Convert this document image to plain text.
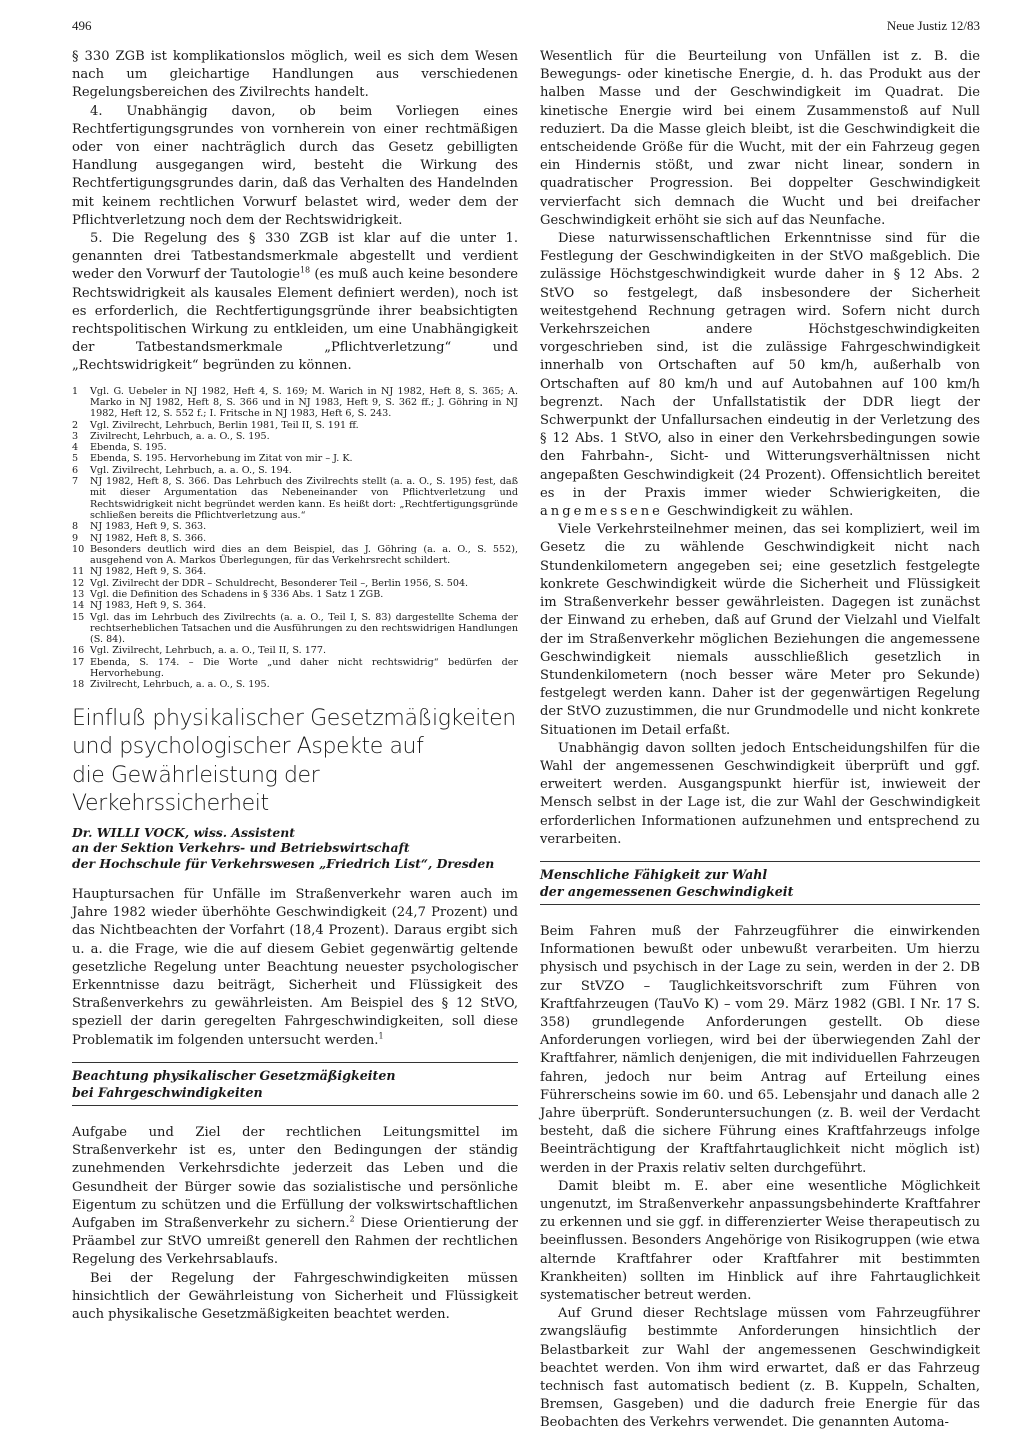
496	Neue Justiz 12/83

§ 330 ZGB ist komplikationslos möglich, weil es sich dem Wesen nach um gleichartige Handlungen aus verschiedenen Regelungsbereichen des Zivilrechts handelt.

4. Unabhängig davon, ob beim Vorliegen eines Rechtfertigungsgrundes von vornherein von einer rechtmäßigen oder von einer nachträglich durch das Gesetz gebilligten Handlung ausgegangen wird, besteht die Wirkung des Rechtfertigungsgrundes darin, daß das Verhalten des Handelnden mit keinem rechtlichen Vorwurf belastet wird, weder dem der Pflichtverletzung noch dem der Rechtswidrigkeit.

5. Die Regelung des § 330 ZGB ist klar auf die unter 1. genannten drei Tatbestandsmerkmale abgestellt und verdient weder den Vorwurf der Tautologie$^{18}$ (es muß auch keine besondere Rechtswidrigkeit als kausales Element definiert werden), noch ist es erforderlich, die Rechtfertigungsgründe ihrer beabsichtigten rechtspolitischen Wirkung zu entkleiden, um eine Unabhängigkeit der Tatbestandsmerkmale „Pflichtverletzung“ und „Rechtswidrigkeit“ begründen zu können.

1	Vgl. G. Uebeler in NJ 1982, Heft 4, S. 169; M. Warich in NJ 1982, Heft 8, S. 365; A. Marko in NJ 1982, Heft 8, S. 366 und in NJ 1983, Heft 9, S. 362 ff.; J. Göhring in NJ 1982, Heft 12, S. 552 f.; I. Fritsche in NJ 1983, Heft 6, S. 243.
2	Vgl. Zivilrecht, Lehrbuch, Berlin 1981, Teil II, S. 191 ff.
3	Zivilrecht, Lehrbuch, a. a. O., S. 195.
4	Ebenda, S. 195.
5	Ebenda, S. 195. Hervorhebung im Zitat von mir – J. K.
6	Vgl. Zivilrecht, Lehrbuch, a. a. O., S. 194.
7	NJ 1982, Heft 8, S. 366. Das Lehrbuch des Zivilrechts stellt (a. a. O., S. 195) fest, daß mit dieser Argumentation das Nebeneinander von Pflichtverletzung und Rechtswidrigkeit nicht begründet werden kann. Es heißt dort: „Rechtfertigungsgründe schließen bereits die Pflichtverletzung aus.“
8	NJ 1983, Heft 9, S. 363.
9	NJ 1982, Heft 8, S. 366.
10 Besonders deutlich wird dies an dem Beispiel, das J. Göhring (a. a. O., S. 552), ausgehend von A. Markos Überlegungen, für das Verkehrsrecht schildert.
11 NJ 1982, Heft 9, S. 364.
12 Vgl. Zivilrecht der DDR – Schuldrecht, Besonderer Teil –, Berlin 1956, S. 504.
13 Vgl. die Definition des Schadens in § 336 Abs. 1 Satz 1 ZGB.
14 NJ 1983, Heft 9, S. 364.
15 Vgl. das im Lehrbuch des Zivilrechts (a. a. O., Teil I, S. 83) dargestellte Schema der rechtserheblichen Tatsachen und die Ausführungen zu den rechtswidrigen Handlungen (S. 84).
16 Vgl. Zivilrecht, Lehrbuch, a. a. O., Teil II, S. 177.
17 Ebenda, S. 174. – Die Worte „und daher nicht rechtswidrig“ bedürfen der Hervorhebung.
18 Zivilrecht, Lehrbuch, a. a. O., S. 195.
Einfluß physikalischer Gesetzmäßigkeiten
und psychologischer Aspekte auf
die Gewährleistung der Verkehrssicherheit
Dr. WILLI VOCK, wiss. Assistent
an der Sektion Verkehrs- und Betriebswirtschaft
der Hochschule für Verkehrswesen „Friedrich List“, Dresden

Hauptursachen für Unfälle im Straßenverkehr waren auch im Jahre 1982 wieder überhöhte Geschwindigkeit (24,7 Prozent) und das Nichtbeachten der Vorfahrt (18,4 Prozent). Daraus ergibt sich u. a. die Frage, wie die auf diesem Gebiet gegenwärtig geltende gesetzliche Regelung unter Beachtung neuester psychologischer Erkenntnisse dazu beiträgt, Sicherheit und Flüssigkeit des Straßenverkehrs zu gewährleisten. Am Beispiel des § 12 StVO, speziell der darin geregelten Fahrgeschwindigkeiten, soll diese Problematik im folgenden untersucht werden.$^1$

Beachtung physikalischer Gesetzmäßigkeiten
bei Fahrgeschwindigkeiten

Aufgabe und Ziel der rechtlichen Leitungsmittel im Straßenverkehr ist es, unter den Bedingungen der ständig zunehmenden Verkehrsdichte jederzeit das Leben und die Gesundheit der Bürger sowie das sozialistische und persönliche Eigentum zu schützen und die Erfüllung der volkswirtschaftlichen Aufgaben im Straßenverkehr zu sichern.$^2$ Diese Orientierung der Präambel zur StVO umreißt generell den Rahmen der rechtlichen Regelung des Verkehrsablaufs.

Bei der Regelung der Fahrgeschwindigkeiten müssen hinsichtlich der Gewährleistung von Sicherheit und Flüssigkeit auch physikalische Gesetzmäßigkeiten beachtet werden.

Wesentlich für die Beurteilung von Unfällen ist z. B. die Bewegungs- oder kinetische Energie, d. h. das Produkt aus der halben Masse und der Geschwindigkeit im Quadrat. Die kinetische Energie wird bei einem Zusammenstoß auf Null reduziert. Da die Masse gleich bleibt, ist die Geschwindigkeit die entscheidende Größe für die Wucht, mit der ein Fahrzeug gegen ein Hindernis stößt, und zwar nicht linear, sondern in quadratischer Progression. Bei doppelter Geschwindigkeit vervierfacht sich demnach die Wucht und bei dreifacher Geschwindigkeit erhöht sie sich auf das Neunfache.

Diese naturwissenschaftlichen Erkenntnisse sind für die Festlegung der Geschwindigkeiten in der StVO maßgeblich. Die zulässige Höchstgeschwindigkeit wurde daher in § 12 Abs. 2 StVO so festgelegt, daß insbesondere der Sicherheit weitestgehend Rechnung getragen wird. Sofern nicht durch Verkehrszeichen andere Höchstgeschwindigkeiten vorgeschrieben sind, ist die zulässige Fahrgeschwindigkeit innerhalb von Ortschaften auf 50 km/h, außerhalb von Ortschaften auf 80 km/h und auf Autobahnen auf 100 km/h begrenzt. Nach der Unfallstatistik der DDR liegt der Schwerpunkt der Unfallursachen eindeutig in der Verletzung des § 12 Abs. 1 StVO, also in einer den Verkehrsbedingungen sowie den Fahrbahn-, Sicht- und Witterungsverhältnissen nicht angepaßten Geschwindigkeit (24 Prozent). Offensichtlich bereitet es in der Praxis immer wieder Schwierigkeiten, die angemessene Geschwindigkeit zu wählen.

Viele Verkehrsteilnehmer meinen, das sei kompliziert, weil im Gesetz die zu wählende Geschwindigkeit nicht nach Stundenkilometern angegeben sei; eine gesetzlich festgelegte konkrete Geschwindigkeit würde die Sicherheit und Flüssigkeit im Straßenverkehr besser gewährleisten. Dagegen ist zunächst der Einwand zu erheben, daß auf Grund der Vielzahl und Vielfalt der im Straßenverkehr möglichen Beziehungen die angemessene Geschwindigkeit niemals ausschließlich gesetzlich in Stundenkilometern (noch besser wäre Meter pro Sekunde) festgelegt werden kann. Daher ist der gegenwärtigen Regelung der StVO zuzustimmen, die nur Grundmodelle und nicht konkrete Situationen im Detail erfaßt.

Unabhängig davon sollten jedoch Entscheidungshilfen für die Wahl der angemessenen Geschwindigkeit überprüft und ggf. erweitert werden. Ausgangspunkt hierfür ist, inwieweit der Mensch selbst in der Lage ist, die zur Wahl der Geschwindigkeit erforderlichen Informationen aufzunehmen und entsprechend zu verarbeiten.

Menschliche Fähigkeit zur Wahl
der angemessenen Geschwindigkeit

Beim Fahren muß der Fahrzeugführer die einwirkenden Informationen bewußt oder unbewußt verarbeiten. Um hierzu physisch und psychisch in der Lage zu sein, werden in der 2. DB zur StVZO – Tauglichkeitsvorschrift zum Führen von Kraftfahrzeugen (TauVo K) – vom 29. März 1982 (GBl. I Nr. 17 S. 358) grundlegende Anforderungen gestellt. Ob diese Anforderungen vorliegen, wird bei der überwiegenden Zahl der Kraftfahrer, nämlich denjenigen, die mit individuellen Fahrzeugen fahren, jedoch nur beim Antrag auf Erteilung eines Führerscheins sowie im 60. und 65. Lebensjahr und danach alle 2 Jahre überprüft. Sonderuntersuchungen (z. B. weil der Verdacht besteht, daß die sichere Führung eines Kraftfahrzeugs infolge Beeinträchtigung der Kraftfahrtauglichkeit nicht möglich ist) werden in der Praxis relativ selten durchgeführt.

Damit bleibt m. E. aber eine wesentliche Möglichkeit ungenutzt, im Straßenverkehr anpassungsbehinderte Kraftfahrer zu erkennen und sie ggf. in differenzierter Weise therapeutisch zu beeinflussen. Besonders Angehörige von Risikogruppen (wie etwa alternde Kraftfahrer oder Kraftfahrer mit bestimmten Krankheiten) sollten im Hinblick auf ihre Fahrtauglichkeit systematischer betreut werden.

Auf Grund dieser Rechtslage müssen vom Fahrzeugführer zwangsläufig bestimmte Anforderungen hinsichtlich der Belastbarkeit zur Wahl der angemessenen Geschwindigkeit beachtet werden. Von ihm wird erwartet, daß er das Fahrzeug technisch fast automatisch bedient (z. B. Kuppeln, Schalten, Bremsen, Gasgeben) und die dadurch freie Energie für das Beobachten des Verkehrs verwendet. Die genannten Automa-
